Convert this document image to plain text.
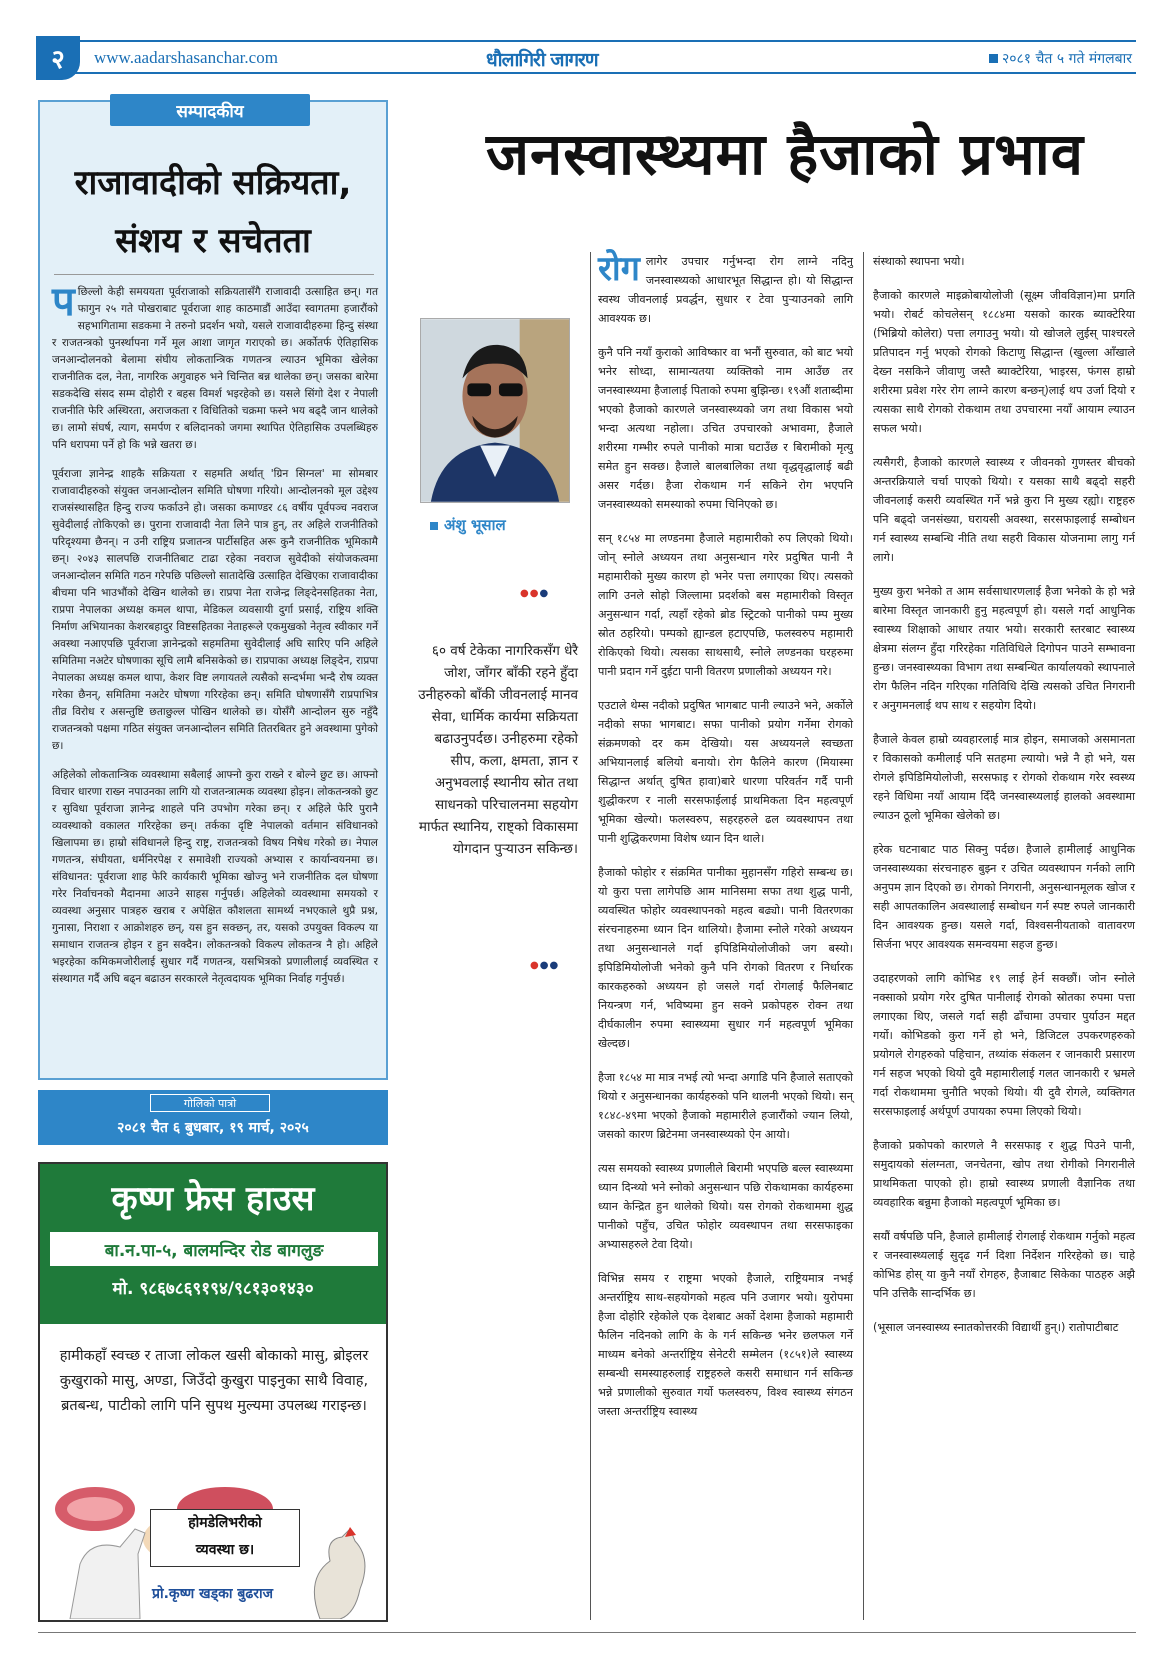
२	www.aadarshasanchar.com	धौलागिरी जागरण	२०८१ चैत ५ गते मंगलबार
सम्पादकीय
राजावादीको सक्रियता,
संशय र सचेतता

पछिल्लो केही समययता पूर्वराजाको सक्रियतासँगै राजावादी उत्साहित छन्। गत फागुन २५ गते पोखराबाट पूर्वराजा शाह काठमाडौं आउँदा स्वागतमा हजारौंको सहभागितामा सडकमा ने तरुनो प्रदर्शन भयो, यसले राजावादीहरुमा हिन्दु संस्था र राजतन्त्रको पुनर्स्थापना गर्ने मूल आशा जागृत गराएको छ। अर्कोतर्फ ऐतिहासिक जनआन्दोलनको बेलामा संघीय लोकतान्त्रिक गणतन्त्र ल्याउन भूमिका खेलेका राजनीतिक दल, नेता, नागरिक अगुवाहरु भने चिन्तित बन्न थालेका छन्। जसका बारेमा सडकदेखि संसद सम्म दोहोरी र बहस विमर्श भइरहेको छ। यसले सिंगो देश र नेपाली राजनीति फेरि अस्थिरता, अराजकता र विधितिको चक्रमा फस्ने भय बढ्दै जान थालेको छ। लामो संघर्ष, त्याग, समर्पण र बलिदानको जगमा स्थापित ऐतिहासिक उपलब्धिहरु पनि धरापमा पर्ने हो कि भन्ने खतरा छ।

पूर्वराजा ज्ञानेन्द्र शाहकै सक्रियता र सहमति अर्थात् 'ग्रिन सिग्नल' मा सोमबार राजावादीहरुको संयुक्त जनआन्दोलन समिति घोषणा गरियो। आन्दोलनको मूल उद्देश्य राजसंस्थासहित हिन्दु राज्य फर्काउने हो। जसका कमाण्डर ८६ वर्षीय पूर्वपञ्च नवराज सुवेदीलाई तोकिएको छ। पुराना राजावादी नेता लिने पात्र हुन्, तर अहिले राजनीतिको परिदृश्यमा छैनन्। न उनी राष्ट्रिय प्रजातन्त्र पार्टीसहित अरू कुनै राजनीतिक भूमिकामै छन्। २०४३ सालपछि राजनीतिबाट टाढा रहेका नवराज सुवेदीको संयोजकत्वमा जनआन्दोलन समिति गठन गरेपछि पछिल्लो सातादेखि उत्साहित देखिएका राजावादीका बीचमा पनि भाउभौंको देखिन थालेको छ। राप्रपा नेता राजेन्द्र लिङ्देनसहितका नेता, राप्रपा नेपालका अध्यक्ष कमल थापा, मेडिकल व्यवसायी दुर्गा प्रसाई, राष्ट्रिय शक्ति निर्माण अभियानका केशरबहादुर विष्टसहितका नेताहरूले एकमुखको नेतृत्व स्वीकार गर्ने अवस्था नआएपछि पूर्वराजा ज्ञानेन्द्रको सहमतिमा सुवेदीलाई अघि सारिए पनि अहिले समितिमा नअटेर घोषणाका सूचि लामै बनिसकेको छ। राप्रपाका अध्यक्ष लिङ्देन, राप्रपा नेपालका अध्यक्ष कमल थापा, केशर विष्ट लगायतले त्यसैको सन्दर्भमा भन्दै रोष व्यक्त गरेका छैनन्, समितिमा नअटेर घोषणा गरिरहेका छन्। समिति घोषणासँगै राप्रपाभित्र तीव्र विरोध र असन्तुष्टि छताछुल्ल पोखिन थालेको छ। योसँगै आन्दोलन सुरु नहुँदै राजतन्त्रको पक्षमा गठित संयुक्त जनआन्दोलन समिति तितरबितर हुने अवस्थामा पुगेको छ।

अहिलेको लोकतान्त्रिक व्यवस्थामा सबैलाई आफ्नो कुरा राख्ने र बोल्ने छुट छ। आफ्नो विचार धारणा राख्न नपाउनका लागि यो राजतन्त्रात्मक व्यवस्था होइन। लोकतन्त्रको छुट र सुविधा पूर्वराजा ज्ञानेन्द्र शाहले पनि उपभोग गरेका छन्। र अहिले फेरि पुरानै व्यवस्थाको वकालत गरिरहेका छन्। तर्कका दृष्टि नेपालको वर्तमान संविधानको खिलापमा छ। हाम्रो संविधानले हिन्दु राष्ट्र, राजतन्त्रको विषय निषेध गरेको छ। नेपाल गणतन्त्र, संघीयता, धर्मनिरपेक्ष र समावेशी राज्यको अभ्यास र कार्यान्वयनमा छ। संविधानत: पूर्वराजा शाह फेरि कार्यकारी भूमिका खोज्नु भने राजनीतिक दल घोषणा गरेर निर्वाचनको मैदानमा आउने साहस गर्नुपर्छ। अहिलेको व्यवस्थामा समयको र व्यवस्था अनुसार पात्रहरु खराब र अपेक्षित कौशलता सामर्थ्य नभएकाले थुप्रै प्रश्न, गुनासा, निराशा र आक्रोशहरु छन्, यस हुन सक्छन्, तर, यसको उपयुक्त विकल्प या समाधान राजतन्त्र होइन र हुन सक्दैन। लोकतन्त्रको विकल्प लोकतन्त्र नै हो। अहिले भइरहेका कमिकमजोरीलाई सुधार गर्दै गणतन्त्र, यसभित्रको प्रणालीलाई व्यवस्थित र संस्थागत गर्दै अघि बढ्न बढाउन सरकारले नेतृत्वदायक भूमिका निर्वाह गर्नुपर्छ।

गोलिको पात्रो
२०८१ चैत ६ बुधबार, १९ मार्च, २०२५
कृष्ण फ्रेस हाउस
बा.न.पा-५, बालमन्दिर रोड बागलुङ
मो. ९८६७८६९१९४/९८१३०१४३०
हामीकहाँ स्वच्छ र ताजा लोकल खसी बोकाको मासु, ब्रोइलर कुखुराको मासु, अण्डा, जिउँदो कुखुरा पाइनुका साथै विवाह, ब्रतबन्ध, पाटीको लागि पनि सुपथ मुल्यमा उपलब्ध गराइन्छ।
होमडेलिभरीको
व्यवस्था छ।
प्रो.कृष्ण खड्का बुढराज
जनस्वास्थ्यमा हैजाको प्रभाव
अंशु भूसाल
●●●
६० वर्ष टेकेका नागरिकसँग धेरै जोश, जाँगर बाँकी रहने हुँदा उनीहरुको बाँकी जीवनलाई मानव सेवा, धार्मिक कार्यमा सक्रियता बढाउनुपर्दछ। उनीहरुमा रहेको सीप, कला, क्षमता, ज्ञान र अनुभवलाई स्थानीय स्रोत तथा साधनको परिचालनमा सहयोग मार्फत स्थानिय, राष्ट्को विकासमा योगदान पुऱ्याउन सकिन्छ।
●●●

रोग लागेर उपचार गर्नुभन्दा रोग लाग्ने नदिनु जनस्वास्थ्यको आधारभूत सिद्धान्त हो। यो सिद्धान्त स्वस्थ जीवनलाई प्रवर्द्धन, सुधार र टेवा पुऱ्याउनको लागि आवश्यक छ।

कुनै पनि नयाँ कुराको आविष्कार वा भनौं सुरुवात, को बाट भयो भनेर सोध्दा, सामान्यतया व्यक्तिको नाम आउँछ तर जनस्वास्थ्यमा हैजालाई पिताको रुपमा बुझिन्छ। १९औं शताब्दीमा भएको हैजाको कारणले जनस्वास्थ्यको जग तथा विकास भयो भन्दा अत्यथा नहोला। उचित उपचारको अभावमा, हैजाले शरीरमा गम्भीर रुपले पानीको मात्रा घटाउँछ र बिरामीको मृत्यु समेत हुन सक्छ। हैजाले बालबालिका तथा वृद्धवृद्धालाई बढी असर गर्दछ। हैजा रोकथाम गर्न सकिने रोग भएपनि जनस्वास्थ्यको समस्याको रुपमा चिनिएको छ।

सन् १८५४ मा लण्डनमा हैजाले महामारीको रुप लिएको थियो। जोन् स्नोले अध्ययन तथा अनुसन्धान गरेर प्रदुषित पानी नै महामारीको मुख्य कारण हो भनेर पत्ता लगाएका थिए। त्यसको लागि उनले सोहो जिल्लामा प्रदर्शको बस महामारीको विस्तृत अनुसन्धान गर्दा, त्यहाँ रहेको ब्रोड स्ट्रिटको पानीको पम्प मुख्य स्रोत ठहरियो। पम्पको ह्यान्डल हटाएपछि, फलस्वरुप महामारी रोकिएको थियो। त्यसका साथसाथै, स्नोले लण्डनका घरहरुमा पानी प्रदान गर्ने दुईटा पानी वितरण प्रणालीको अध्ययन गरे।

एउटाले थेम्स नदीको प्रदुषित भागबाट पानी ल्याउने भने, अर्कोले नदीको सफा भागबाट। सफा पानीको प्रयोग गर्नेमा रोगको संक्रमणको दर कम देखियो। यस अध्ययनले स्वच्छता अभियानलाई बलियो बनायो। रोग फैलिने कारण (मियास्मा सिद्धान्त अर्थात् दुषित हावा)बारे धारणा परिवर्तन गर्दै पानी शुद्धीकरण र नाली सरसफाईलाई प्राथमिकता दिन महत्वपूर्ण भूमिका खेल्यो। फलस्वरुप, सहरहरुले ढल व्यवस्थापन तथा पानी शुद्धिकरणमा विशेष ध्यान दिन थाले।

हैजाको फोहोर र संक्रमित पानीका मुहानसँग गहिरो सम्बन्ध छ। यो कुरा पत्ता लागेपछि आम मानिसमा सफा तथा शुद्ध पानी, व्यवस्थित फोहोर व्यवस्थापनको महत्व बढ्यो। पानी वितरणका संरचनाहरुमा ध्यान दिन थालियो। हैजामा स्नोले गरेको अध्ययन तथा अनुसन्धानले गर्दा इपिडिमियोलोजीको जग बस्यो। इपिडिमियोलोजी भनेको कुनै पनि रोगको वितरण र निर्धारक कारकहरुको अध्ययन हो जसले गर्दा रोगलाई फैलिनबाट नियन्त्रण गर्न, भविष्यमा हुन सक्ने प्रकोपहरु रोक्न तथा दीर्घकालीन रुपमा स्वास्थ्यमा सुधार गर्न महत्वपूर्ण भूमिका खेल्दछ।

हैजा १८५४ मा मात्र नभई त्यो भन्दा अगाडि पनि हैजाले सताएको थियो र अनुसन्धानका कार्यहरुको पनि थालनी भएको थियो। सन् १८४८-४९मा भएको हैजाको महामारीले हजारौंको ज्यान लियो, जसको कारण ब्रिटेनमा जनस्वास्थ्यको ऐन आयो।

त्यस समयको स्वास्थ्य प्रणालीले बिरामी भएपछि बल्ल स्वास्थ्यमा ध्यान दिन्थ्यो भने स्नोको अनुसन्धान पछि रोकथामका कार्यहरुमा ध्यान केन्द्रित हुन थालेको थियो। यस रोगको रोकथाममा शुद्ध पानीको पहुँच, उचित फोहोर व्यवस्थापन तथा सरसफाइका अभ्यासहरुले टेवा दियो।

विभिन्न समय र राष्ट्रमा भएको हैजाले, राष्ट्रियमात्र नभई अन्तर्राष्ट्रिय साथ-सहयोगको महत्व पनि उजागर भयो। युरोपमा हैजा दोहोरि रहेकोले एक देशबाट अर्को देशमा हैजाको महामारी फैलिन नदिनको लागि के के गर्न सकिन्छ भनेर छलफल गर्ने माध्यम बनेको अन्तर्राष्ट्रिय सेनेटरी सम्मेलन (१८५१)ले स्वास्थ्य सम्बन्धी समस्याहरुलाई राष्ट्रहरुले कसरी समाधान गर्न सकिन्छ भन्ने प्रणालीको सुरुवात गर्यो फलस्वरुप, विश्व स्वास्थ्य संगठन जस्ता अन्तर्राष्ट्रिय स्वास्थ्य

संस्थाको स्थापना भयो।

हैजाको कारणले माइक्रोबायोलोजी (सूक्ष्म जीवविज्ञान)मा प्रगति भयो। रोबर्ट कोचलेसन् १८८४मा यसको कारक ब्याक्टेरिया (भिब्रियो कोलेरा) पत्ता लगाउनु भयो। यो खोजले लुईस् पाश्चरले प्रतिपादन गर्नु भएको रोगको किटाणु सिद्धान्त (खुल्ला आँखाले देख्न नसकिने जीवाणु जस्तै ब्याक्टेरिया, भाइरस, फंगस हाम्रो शरीरमा प्रवेश गरेर रोग लाग्ने कारण बन्छन्)लाई थप उर्जा दियो र त्यसका साथै रोगको रोकथाम तथा उपचारमा नयाँ आयाम ल्याउन सफल भयो।

त्यसैगरी, हैजाको कारणले स्वास्थ्य र जीवनको गुणस्तर बीचको अन्तरक्रियाले चर्चा पाएको थियो। र यसका साथै बढ्दो सहरी जीवनलाई कसरी व्यवस्थित गर्ने भन्ने कुरा नि मुख्य रह्यो। राष्ट्रहरु पनि बढ्दो जनसंख्या, घरायसी अवस्था, सरसफाइलाई सम्बोधन गर्न स्वास्थ्य सम्बन्धि नीति तथा सहरी विकास योजनामा लागु गर्न लागे।

मुख्य कुरा भनेको त आम सर्वसाधारणलाई हैजा भनेको के हो भन्ने बारेमा विस्तृत जानकारी हुनु महत्वपूर्ण हो। यसले गर्दा आधुनिक स्वास्थ्य शिक्षाको आधार तयार भयो। सरकारी स्तरबाट स्वास्थ्य क्षेत्रमा संलग्न हुँदा गरिरहेका गतिविधिले दिगोपन पाउने सम्भावना हुन्छ। जनस्वास्थ्यका विभाग तथा सम्बन्धित कार्यालयको स्थापनाले रोग फैलिन नदिन गरिएका गतिविधि देखि त्यसको उचित निगरानी र अनुगमनलाई थप साथ र सहयोग दियो।

हैजाले केवल हाम्रो व्यवहारलाई मात्र होइन, समाजको असमानता र विकासको कमीलाई पनि सतहमा ल्यायो। भन्ने नै हो भने, यस रोगले इपिडिमियोलोजी, सरसफाइ र रोगको रोकथाम गरेर स्वस्थ्य रहने विधिमा नयाँ आयाम दिँदै जनस्वास्थ्यलाई हालको अवस्थामा ल्याउन ठूलो भूमिका खेलेको छ।

हरेक घटनाबाट पाठ सिक्नु पर्दछ। हैजाले हामीलाई आधुनिक जनस्वास्थ्यका संरचनाहरु बुझ्न र उचित व्यवस्थापन गर्नको लागि अनुपम ज्ञान दिएको छ। रोगको निगरानी, अनुसन्धानमूलक खोज र सही आपतकालिन अवस्थालाई सम्बोधन गर्न स्पष्ट रुपले जानकारी दिन आवश्यक हुन्छ। यसले गर्दा, विश्वसनीयताको वातावरण सिर्जना भएर आवश्यक समन्वयमा सहज हुन्छ।

उदाहरणको लागि कोभिड १९ लाई हेर्न सक्छौं। जोन स्नोले नक्साको प्रयोग गरेर दुषित पानीलाई रोगको स्रोतका रुपमा पत्ता लगाएका थिए, जसले गर्दा सही ढाँचामा उपचार पुर्याउन मद्दत गर्यो। कोभिडको कुरा गर्ने हो भने, डिजिटल उपकरणहरुको प्रयोगले रोगहरुको पहिचान, तथ्यांक संकलन र जानकारी प्रसारण गर्न सहज भएको थियो दुवै महामारीलाई गलत जानकारी र भ्रमले गर्दा रोकथाममा चुनौति भएको थियो। यी दुवै रोगले, व्यक्तिगत सरसफाइलाई अर्थपूर्ण उपायका रुपमा लिएको थियो।

हैजाको प्रकोपको कारणले नै सरसफाइ र शुद्ध पिउने पानी, समुदायको संलग्नता, जनचेतना, खोप तथा रोगीको निगरानीले प्राथमिकता पाएको हो। हाम्रो स्वास्थ्य प्रणाली वैज्ञानिक तथा व्यवहारिक बन्नुमा हैजाको महत्वपूर्ण भूमिका छ।

सयौं वर्षपछि पनि, हैजाले हामीलाई रोगलाई रोकथाम गर्नुको महत्व र जनस्वास्थ्यलाई सुदृढ गर्न दिशा निर्देशन गरिरहेको छ। चाहे कोभिड होस् या कुनै नयाँ रोगहरु, हैजाबाट सिकेका पाठहरु अझै पनि उत्तिकै सान्दर्भिक छ।

(भूसाल जनस्वास्थ्य स्नातकोत्तरकी विद्यार्थी हुन्।) रातोपाटीबाट
